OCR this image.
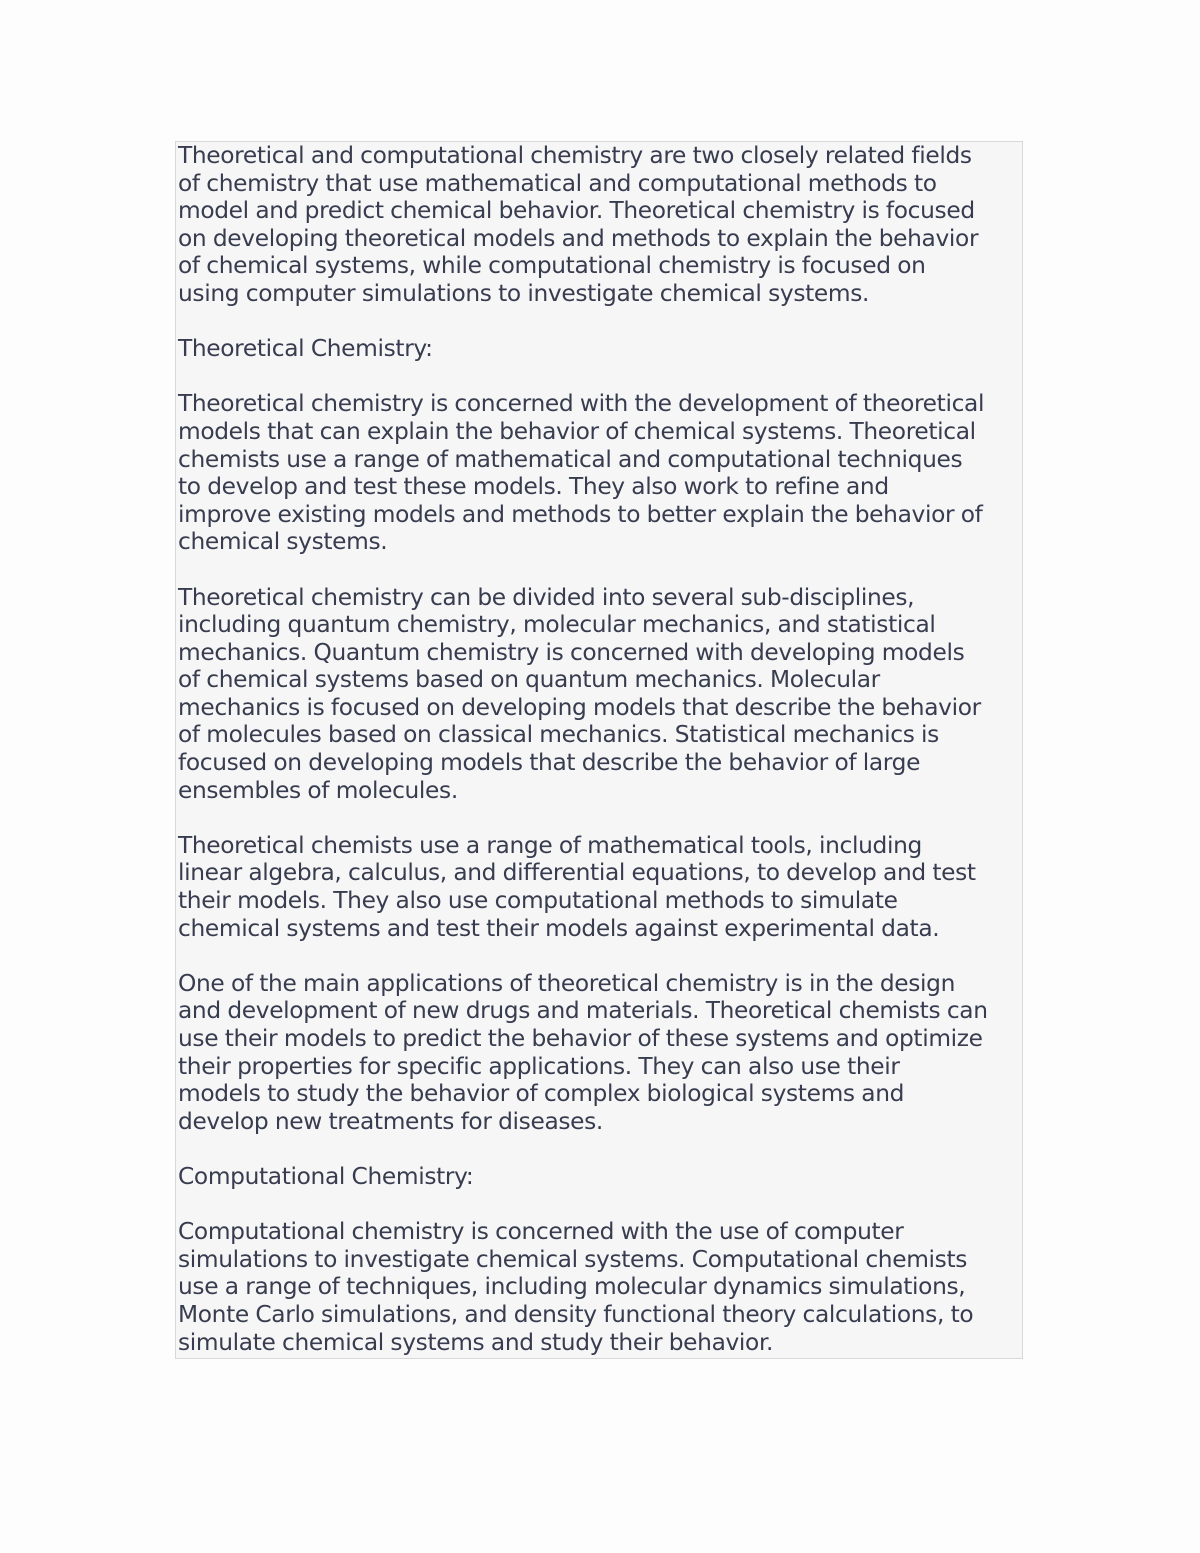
Theoretical and computational chemistry are two closely related fields
of chemistry that use mathematical and computational methods to
model and predict chemical behavior. Theoretical chemistry is focused
on developing theoretical models and methods to explain the behavior
of chemical systems, while computational chemistry is focused on
using computer simulations to investigate chemical systems.
Theoretical Chemistry:
Theoretical chemistry is concerned with the development of theoretical
models that can explain the behavior of chemical systems. Theoretical
chemists use a range of mathematical and computational techniques
to develop and test these models. They also work to refine and
improve existing models and methods to better explain the behavior of
chemical systems.
Theoretical chemistry can be divided into several sub-disciplines,
including quantum chemistry, molecular mechanics, and statistical
mechanics. Quantum chemistry is concerned with developing models
of chemical systems based on quantum mechanics. Molecular
mechanics is focused on developing models that describe the behavior
of molecules based on classical mechanics. Statistical mechanics is
focused on developing models that describe the behavior of large
ensembles of molecules.
Theoretical chemists use a range of mathematical tools, including
linear algebra, calculus, and differential equations, to develop and test
their models. They also use computational methods to simulate
chemical systems and test their models against experimental data.
One of the main applications of theoretical chemistry is in the design
and development of new drugs and materials. Theoretical chemists can
use their models to predict the behavior of these systems and optimize
their properties for specific applications. They can also use their
models to study the behavior of complex biological systems and
develop new treatments for diseases.
Computational Chemistry:
Computational chemistry is concerned with the use of computer
simulations to investigate chemical systems. Computational chemists
use a range of techniques, including molecular dynamics simulations,
Monte Carlo simulations, and density functional theory calculations, to
simulate chemical systems and study their behavior.
